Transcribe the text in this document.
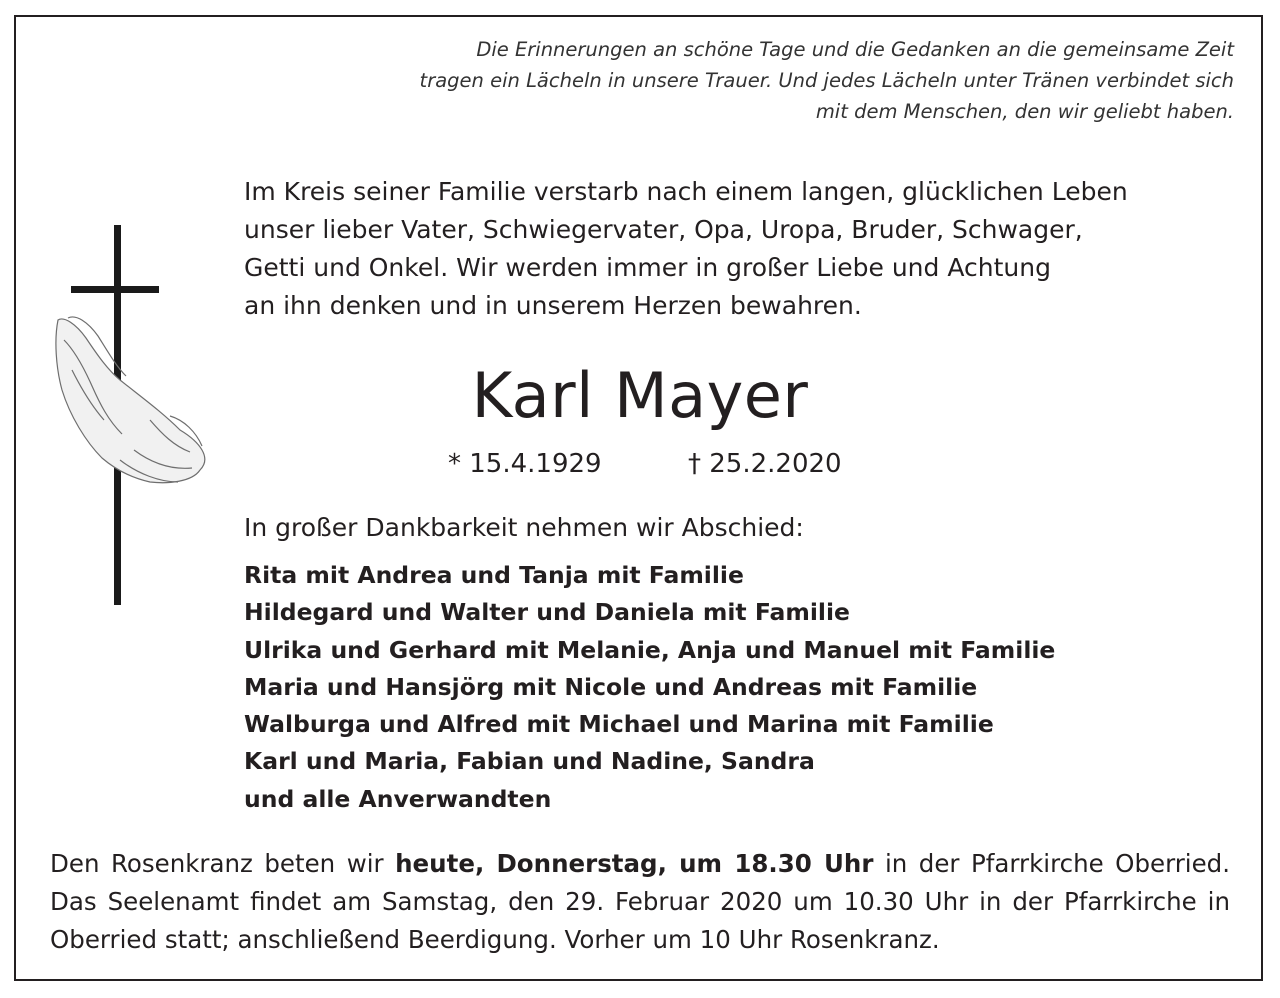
Die Erinnerungen an schöne Tage und die Gedanken an die gemeinsame Zeit
tragen ein Lächeln in unsere Trauer. Und jedes Lächeln unter Tränen verbindet sich
mit dem Menschen, den wir geliebt haben.
Im Kreis seiner Familie verstarb nach einem langen, glücklichen Leben
unser lieber Vater, Schwiegervater, Opa, Uropa, Bruder, Schwager,
Getti und Onkel. Wir werden immer in großer Liebe und Achtung
an ihn denken und in unserem Herzen bewahren.
Karl Mayer
* 15.4.1929	† 25.2.2020
In großer Dankbarkeit nehmen wir Abschied:
Rita mit Andrea und Tanja mit Familie
Hildegard und Walter und Daniela mit Familie
Ulrika und Gerhard mit Melanie, Anja und Manuel mit Familie
Maria und Hansjörg mit Nicole und Andreas mit Familie
Walburga und Alfred mit Michael und Marina mit Familie
Karl und Maria, Fabian und Nadine, Sandra
und alle Anverwandten
Den Rosenkranz beten wir heute, Donnerstag, um 18.30 Uhr in der Pfarrkirche Oberried.
Das Seelenamt findet am Samstag, den 29. Februar 2020 um 10.30 Uhr in der Pfarrkirche in
Oberried statt; anschließend Beerdigung. Vorher um 10 Uhr Rosenkranz.
